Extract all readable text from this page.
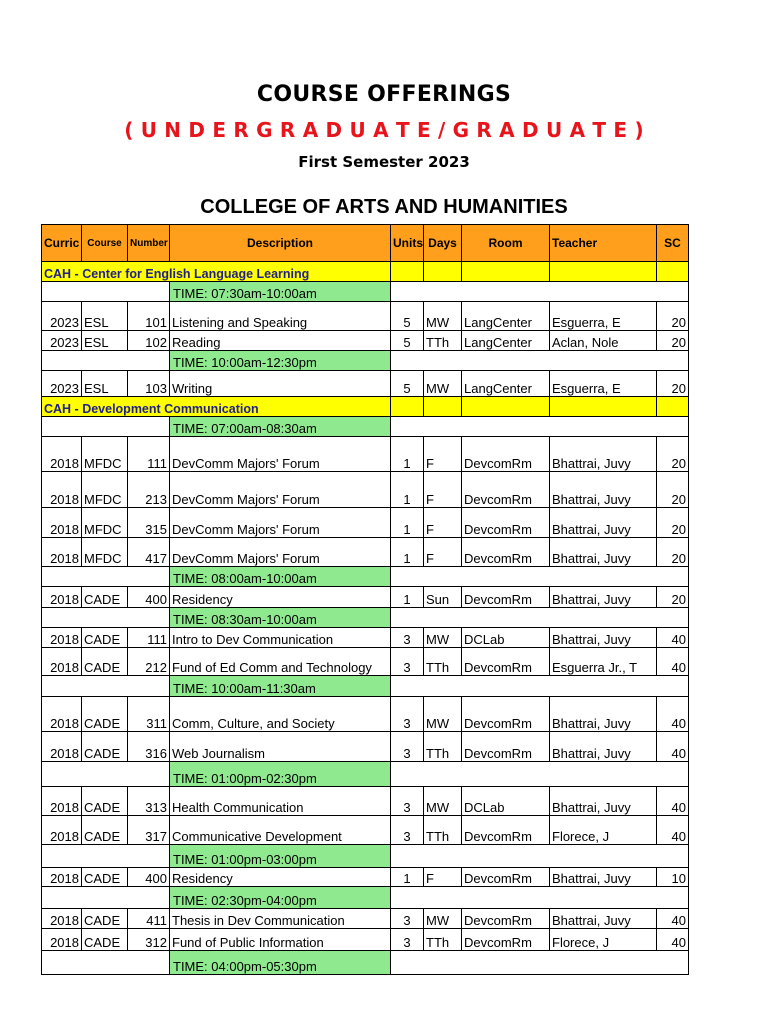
COURSE OFFERINGS
( U N D E R G R A D U A T E / G R A D U A T E )
First Semester 2023
COLLEGE OF ARTS AND HUMANITIES
Curric	Course	Number	Description	Units	Days	Room	Teacher	SC
CAH - Center for English Language Learning								
			TIME: 07:30am-10:00am					
2023	ESL	101	Listening and Speaking	5	MW	LangCenter	Esguerra, E	20
2023	ESL	102	Reading	5	TTh	LangCenter	Aclan, Nole	20
			TIME: 10:00am-12:30pm					
2023	ESL	103	Writing	5	MW	LangCenter	Esguerra, E	20
CAH - Development Communication								
			TIME: 07:00am-08:30am					
2018	MFDC	111	DevComm Majors' Forum	1	F	DevcomRm	Bhattrai, Juvy	20
2018	MFDC	213	DevComm Majors' Forum	1	F	DevcomRm	Bhattrai, Juvy	20
2018	MFDC	315	DevComm Majors' Forum	1	F	DevcomRm	Bhattrai, Juvy	20
2018	MFDC	417	DevComm Majors' Forum	1	F	DevcomRm	Bhattrai, Juvy	20
			TIME: 08:00am-10:00am					
2018	CADE	400	Residency	1	Sun	DevcomRm	Bhattrai, Juvy	20
			TIME: 08:30am-10:00am					
2018	CADE	111	Intro to Dev Communication	3	MW	DCLab	Bhattrai, Juvy	40
2018	CADE	212	Fund of Ed Comm and Technology	3	TTh	DevcomRm	Esguerra Jr., T	40
			TIME: 10:00am-11:30am					
2018	CADE	311	Comm, Culture, and Society	3	MW	DevcomRm	Bhattrai, Juvy	40
2018	CADE	316	Web Journalism	3	TTh	DevcomRm	Bhattrai, Juvy	40
			TIME: 01:00pm-02:30pm					
2018	CADE	313	Health Communication	3	MW	DCLab	Bhattrai, Juvy	40
2018	CADE	317	Communicative Development	3	TTh	DevcomRm	Florece, J	40
			TIME: 01:00pm-03:00pm					
2018	CADE	400	Residency	1	F	DevcomRm	Bhattrai, Juvy	10
			TIME: 02:30pm-04:00pm					
2018	CADE	411	Thesis in Dev Communication	3	MW	DevcomRm	Bhattrai, Juvy	40
2018	CADE	312	Fund of Public Information	3	TTh	DevcomRm	Florece, J	40
			TIME: 04:00pm-05:30pm					
